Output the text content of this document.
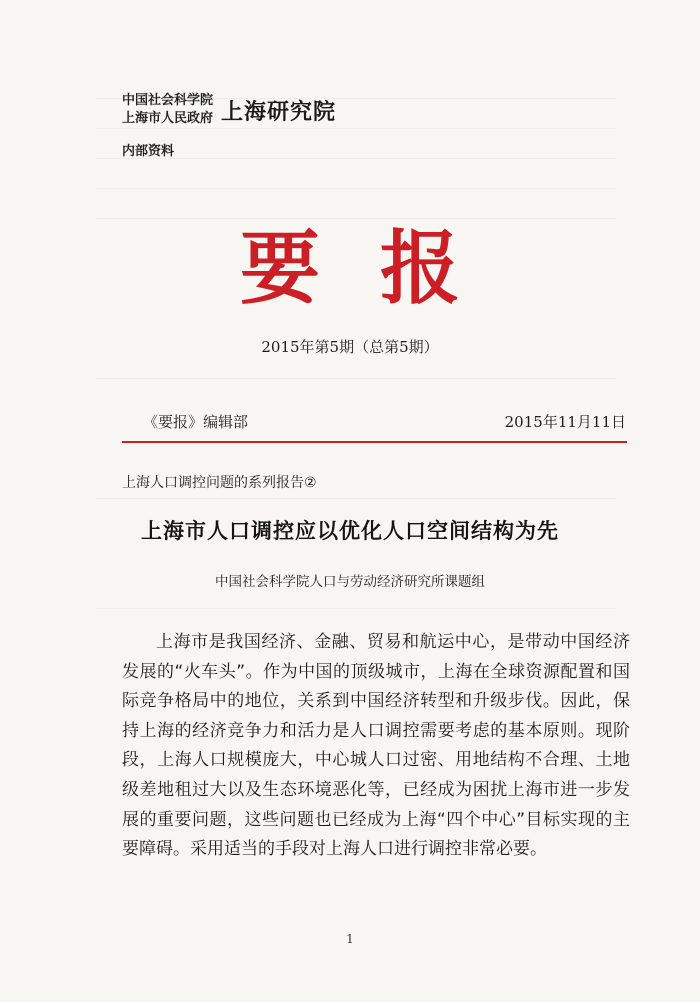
中国社会科学院
上海市人民政府 上海研究院
内部资料
要报
2015年第5期（总第5期）
《要报》编辑部	2015年11月11日
上海人口调控问题的系列报告②
上海市人口调控应以优化人口空间结构为先
中国社会科学院人口与劳动经济研究所课题组

上海市是我国经济、金融、贸易和航运中心，是带动中国经济发展的“火车头”。作为中国的顶级城市，上海在全球资源配置和国际竞争格局中的地位，关系到中国经济转型和升级步伐。因此，保持上海的经济竞争力和活力是人口调控需要考虑的基本原则。现阶段，上海人口规模庞大，中心城人口过密、用地结构不合理、土地级差地租过大以及生态环境恶化等，已经成为困扰上海市进一步发展的重要问题，这些问题也已经成为上海“四个中心”目标实现的主要障碍。采用适当的手段对上海人口进行调控非常必要。

1
